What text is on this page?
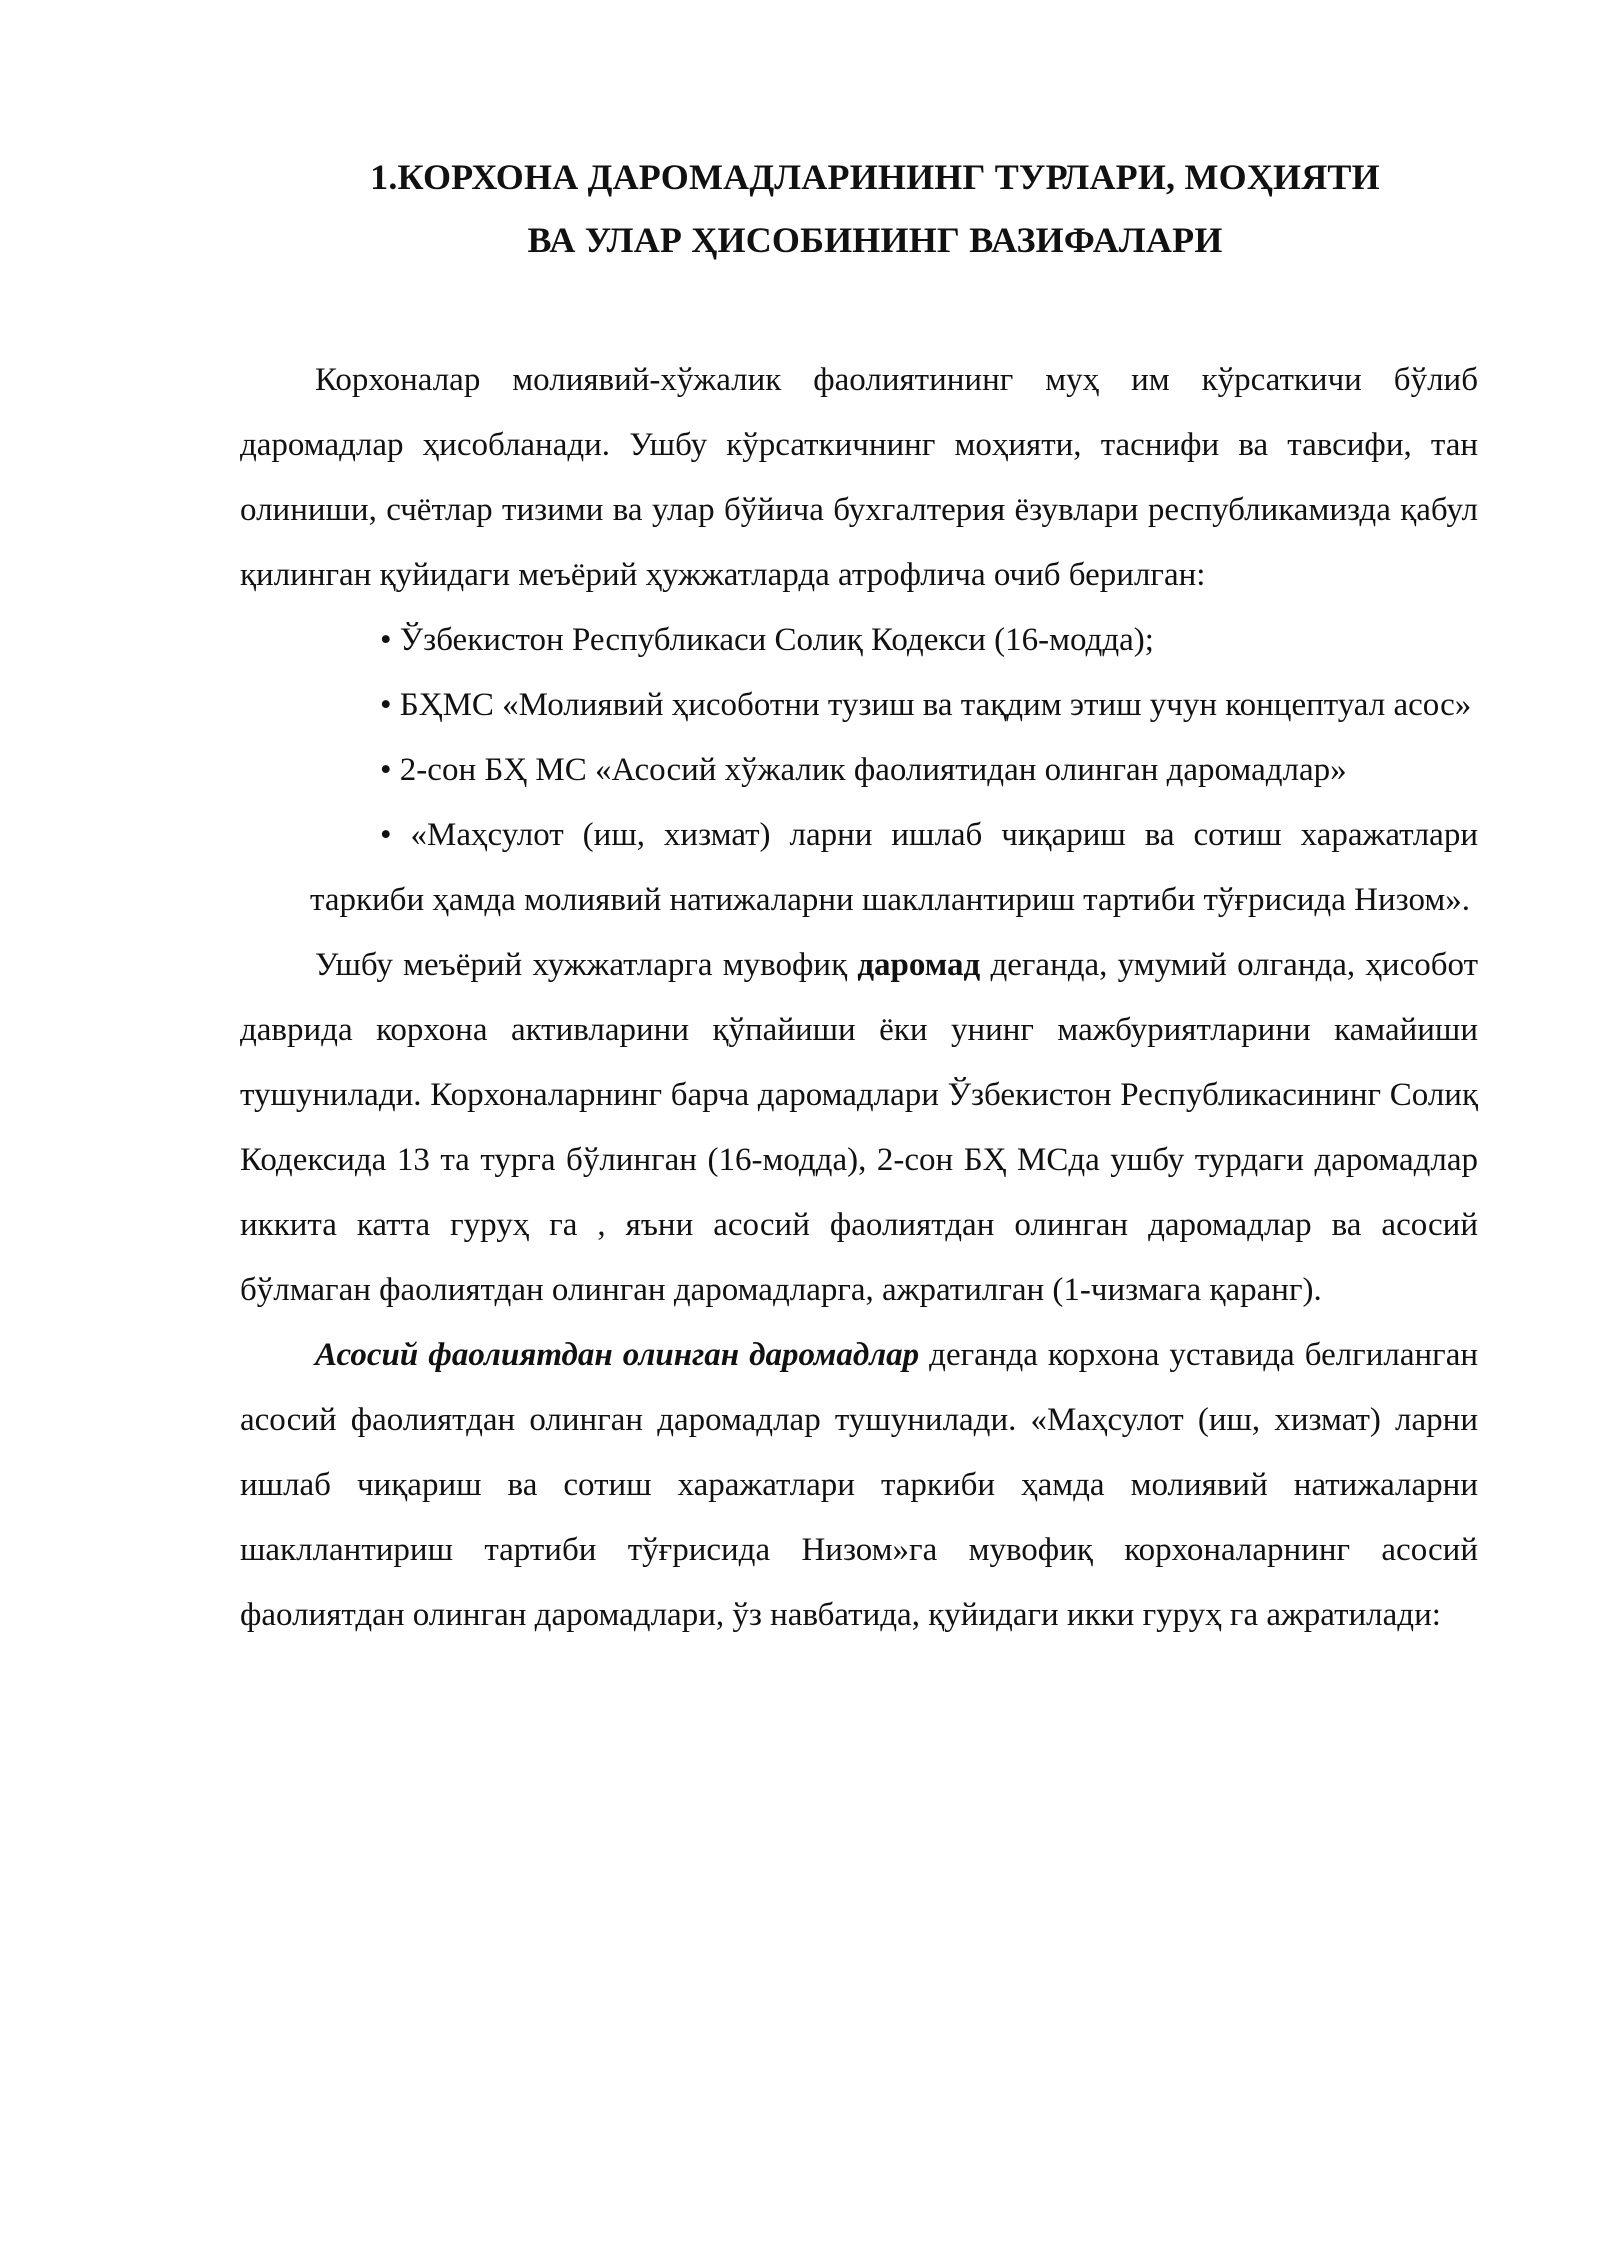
1.КОРХОНА ДАРОМАДЛАРИНИНГ ТУРЛАРИ, МОҲИЯТИ
ВА УЛАР ҲИСОБИНИНГ ВАЗИФАЛАРИ

Корхоналар молиявий-хўжалик фаолиятининг муҳ им кўрсаткичи бўлиб даромадлар ҳисобланади. Ушбу кўрсаткичнинг моҳияти, таснифи ва тавсифи, тан олиниши, счётлар тизими ва улар бўйича бухгалтерия ёзувлари республикамизда қабул қилинган қуйидаги меъёрий ҳужжатларда атрофлича очиб берилган:

• Ўзбекистон Республикаси Солиқ Кодекси (16-модда);

• БҲМС «Молиявий ҳисоботни тузиш ва тақдим этиш учун концептуал асос»

• 2-сон БҲ МС «Асосий хўжалик фаолиятидан олинган даромадлар»

• «Маҳсулот (иш, хизмат) ларни ишлаб чиқариш ва сотиш харажатлари таркиби ҳамда молиявий натижаларни шакллантириш тартиби тўғрисида Низом».

Ушбу меъёрий хужжатларга мувофиқ даромад деганда, умумий олганда, ҳисобот даврида корхона активларини қўпайиши ёки унинг мажбуриятларини камайиши тушунилади. Корхоналарнинг барча даромадлари Ўзбекистон Республикасининг Солиқ Кодексида 13 та турга бўлинган (16-модда), 2-сон БҲ МСда ушбу турдаги даромадлар иккита катта гуруҳ га , яъни асосий фаолиятдан олинган даромадлар ва асосий бўлмаган фаолиятдан олинган даромадларга, ажратилган (1-чизмага қаранг).

Асосий фаолиятдан олинган даромадлар деганда корхона уставида белгиланган асосий фаолиятдан олинган даромадлар тушунилади. «Маҳсулот (иш, хизмат) ларни ишлаб чиқариш ва сотиш харажатлари таркиби ҳамда молиявий натижаларни шакллантириш тартиби тўғрисида Низом»га мувофиқ корхоналарнинг асосий фаолиятдан олинган даромадлари, ўз навбатида, қуйидаги икки гуруҳ га ажратилади:
